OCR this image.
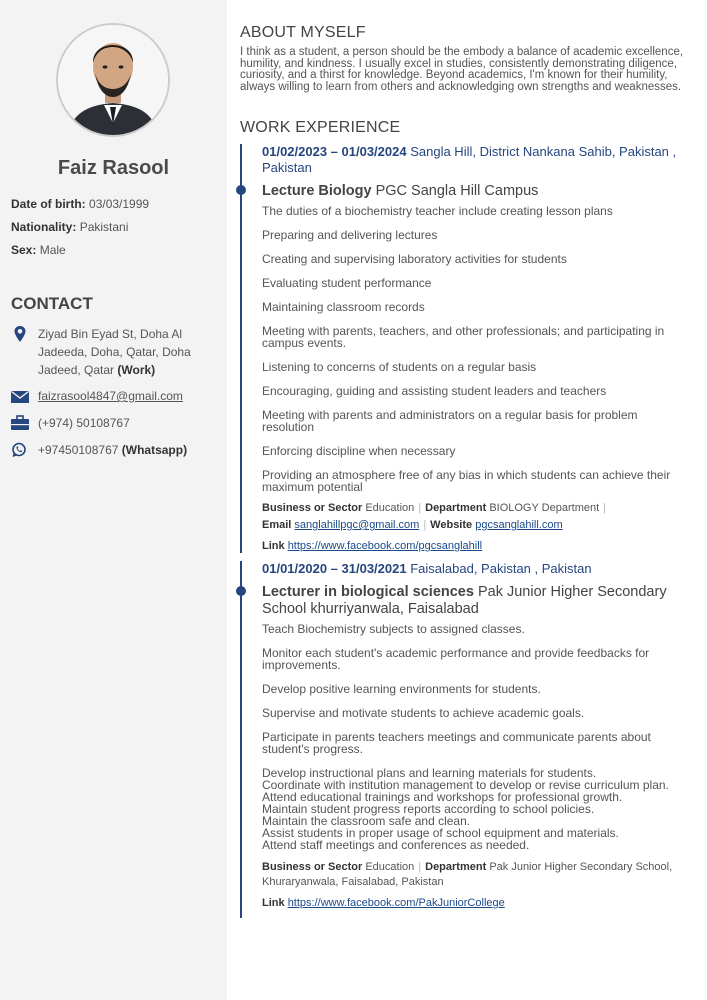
Faiz Rasool
Date of birth: 03/03/1999
Nationality: Pakistani
Sex: Male
CONTACT
Ziyad Bin Eyad St, Doha Al Jadeeda, Doha, Qatar, Doha Jadeed, Qatar (Work)
faizrasool4847@gmail.com
(+974) 50108767
+97450108767 (Whatsapp)
ABOUT MYSELF
I think as a student, a person should be the embody a balance of academic excellence, humility, and kindness. I usually excel in studies, consistently demonstrating diligence, curiosity, and a thirst for knowledge. Beyond academics, I'm known for their humility, always willing to learn from others and acknowledging own strengths and weaknesses.
WORK EXPERIENCE
01/02/2023 – 01/03/2024 Sangla Hill, District Nankana Sahib, Pakistan , Pakistan
Lecture Biology PGC Sangla Hill Campus
The duties of a biochemistry teacher include creating lesson plans
Preparing and delivering lectures
Creating and supervising laboratory activities for students
Evaluating student performance
Maintaining classroom records
Meeting with parents, teachers, and other professionals; and participating in campus events.
Listening to concerns of students on a regular basis
Encouraging, guiding and assisting student leaders and teachers
Meeting with parents and administrators on a regular basis for problem resolution
Enforcing discipline when necessary
Providing an atmosphere free of any bias in which students can achieve their maximum potential
Business or Sector Education | Department BIOLOGY Department |
Email sanglahillpgc@gmail.com | Website pgcsanglahill.com
Link https://www.facebook.com/pgcsanglahill
01/01/2020 – 31/03/2021 Faisalabad, Pakistan , Pakistan
Lecturer in biological sciences Pak Junior Higher Secondary School khurriyanwala, Faisalabad
Teach Biochemistry subjects to assigned classes.
Monitor each student's academic performance and provide feedbacks for improvements.
Develop positive learning environments for students.
Supervise and motivate students to achieve academic goals.
Participate in parents teachers meetings and communicate parents about student's progress.
Develop instructional plans and learning materials for students.
Coordinate with institution management to develop or revise curriculum plan.
Attend educational trainings and workshops for professional growth.
Maintain student progress reports according to school policies.
Maintain the classroom safe and clean.
Assist students in proper usage of school equipment and materials.
Attend staff meetings and conferences as needed.
Business or Sector Education | Department Pak Junior Higher Secondary School, Khuraryanwala, Faisalabad, Pakistan
Link https://www.facebook.com/PakJuniorCollege
